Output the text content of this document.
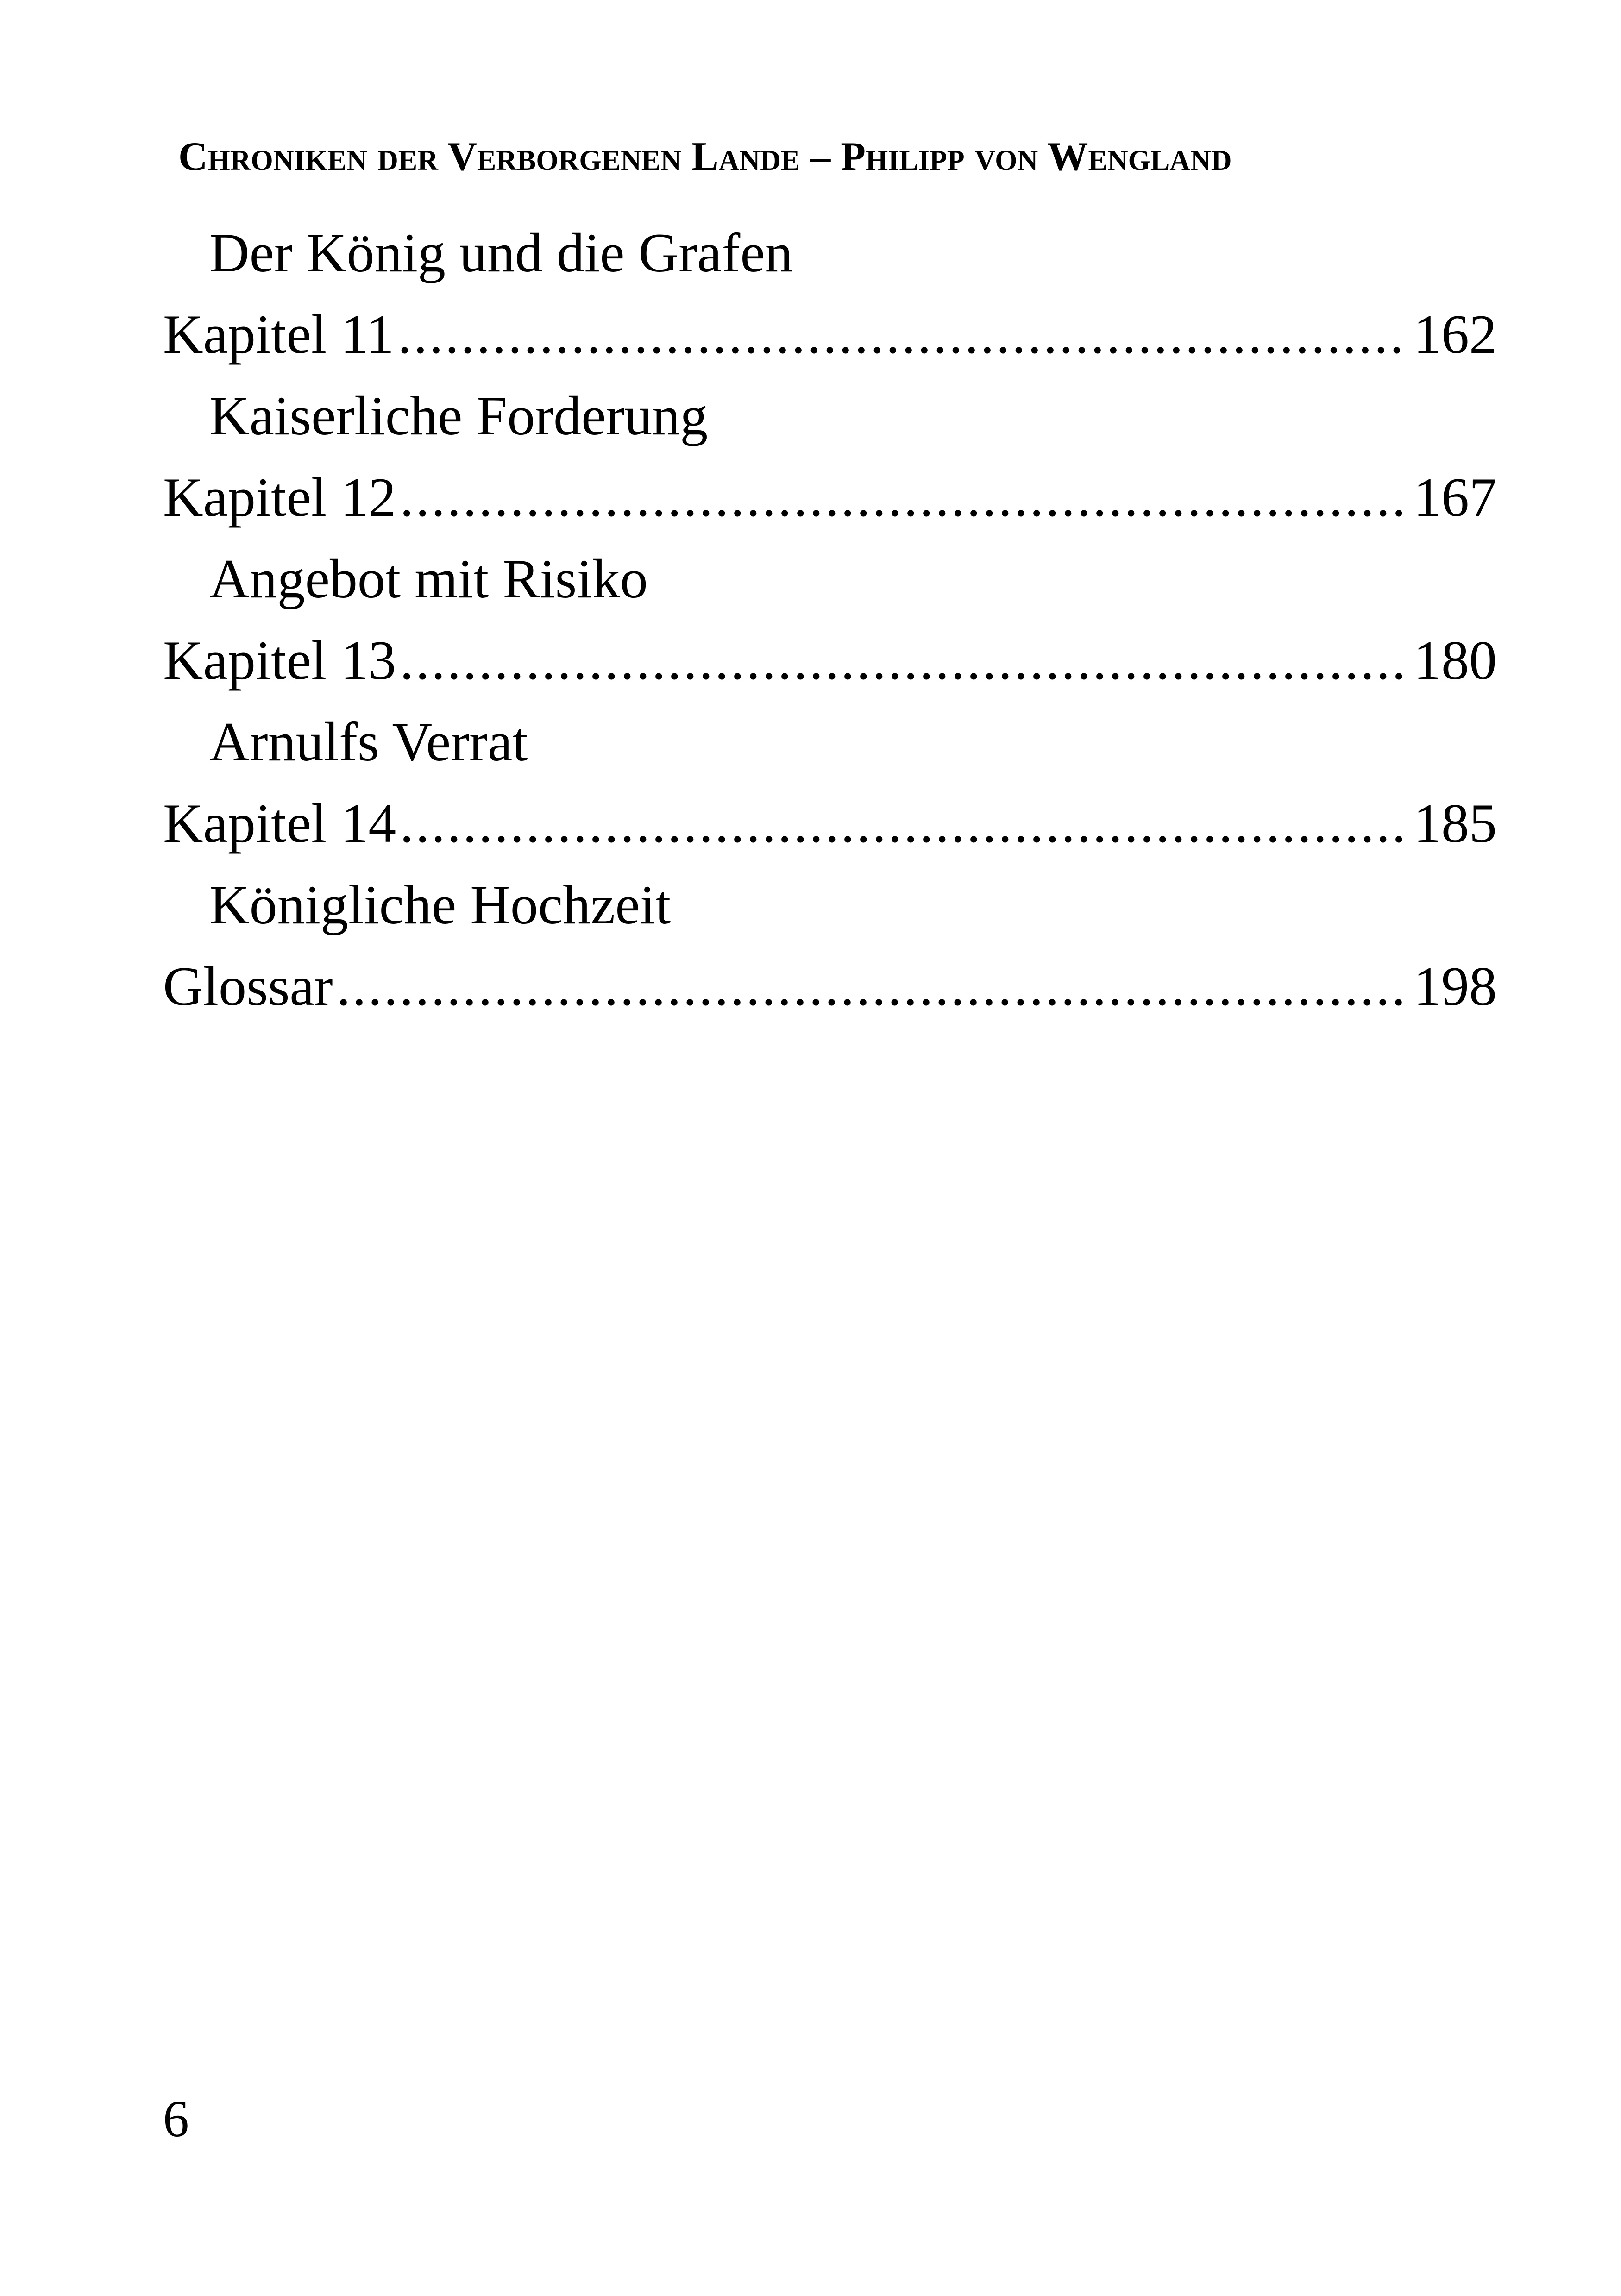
Chroniken der Verborgenen Lande – Philipp von Wengland
Der König und die Grafen
Kapitel 11 .....	162
Kaiserliche Forderung
Kapitel 12 .....	167
Angebot mit Risiko
Kapitel 13 .....	180
Arnulfs Verrat
Kapitel 14 .....	185
Königliche Hochzeit
Glossar .....	198
6
